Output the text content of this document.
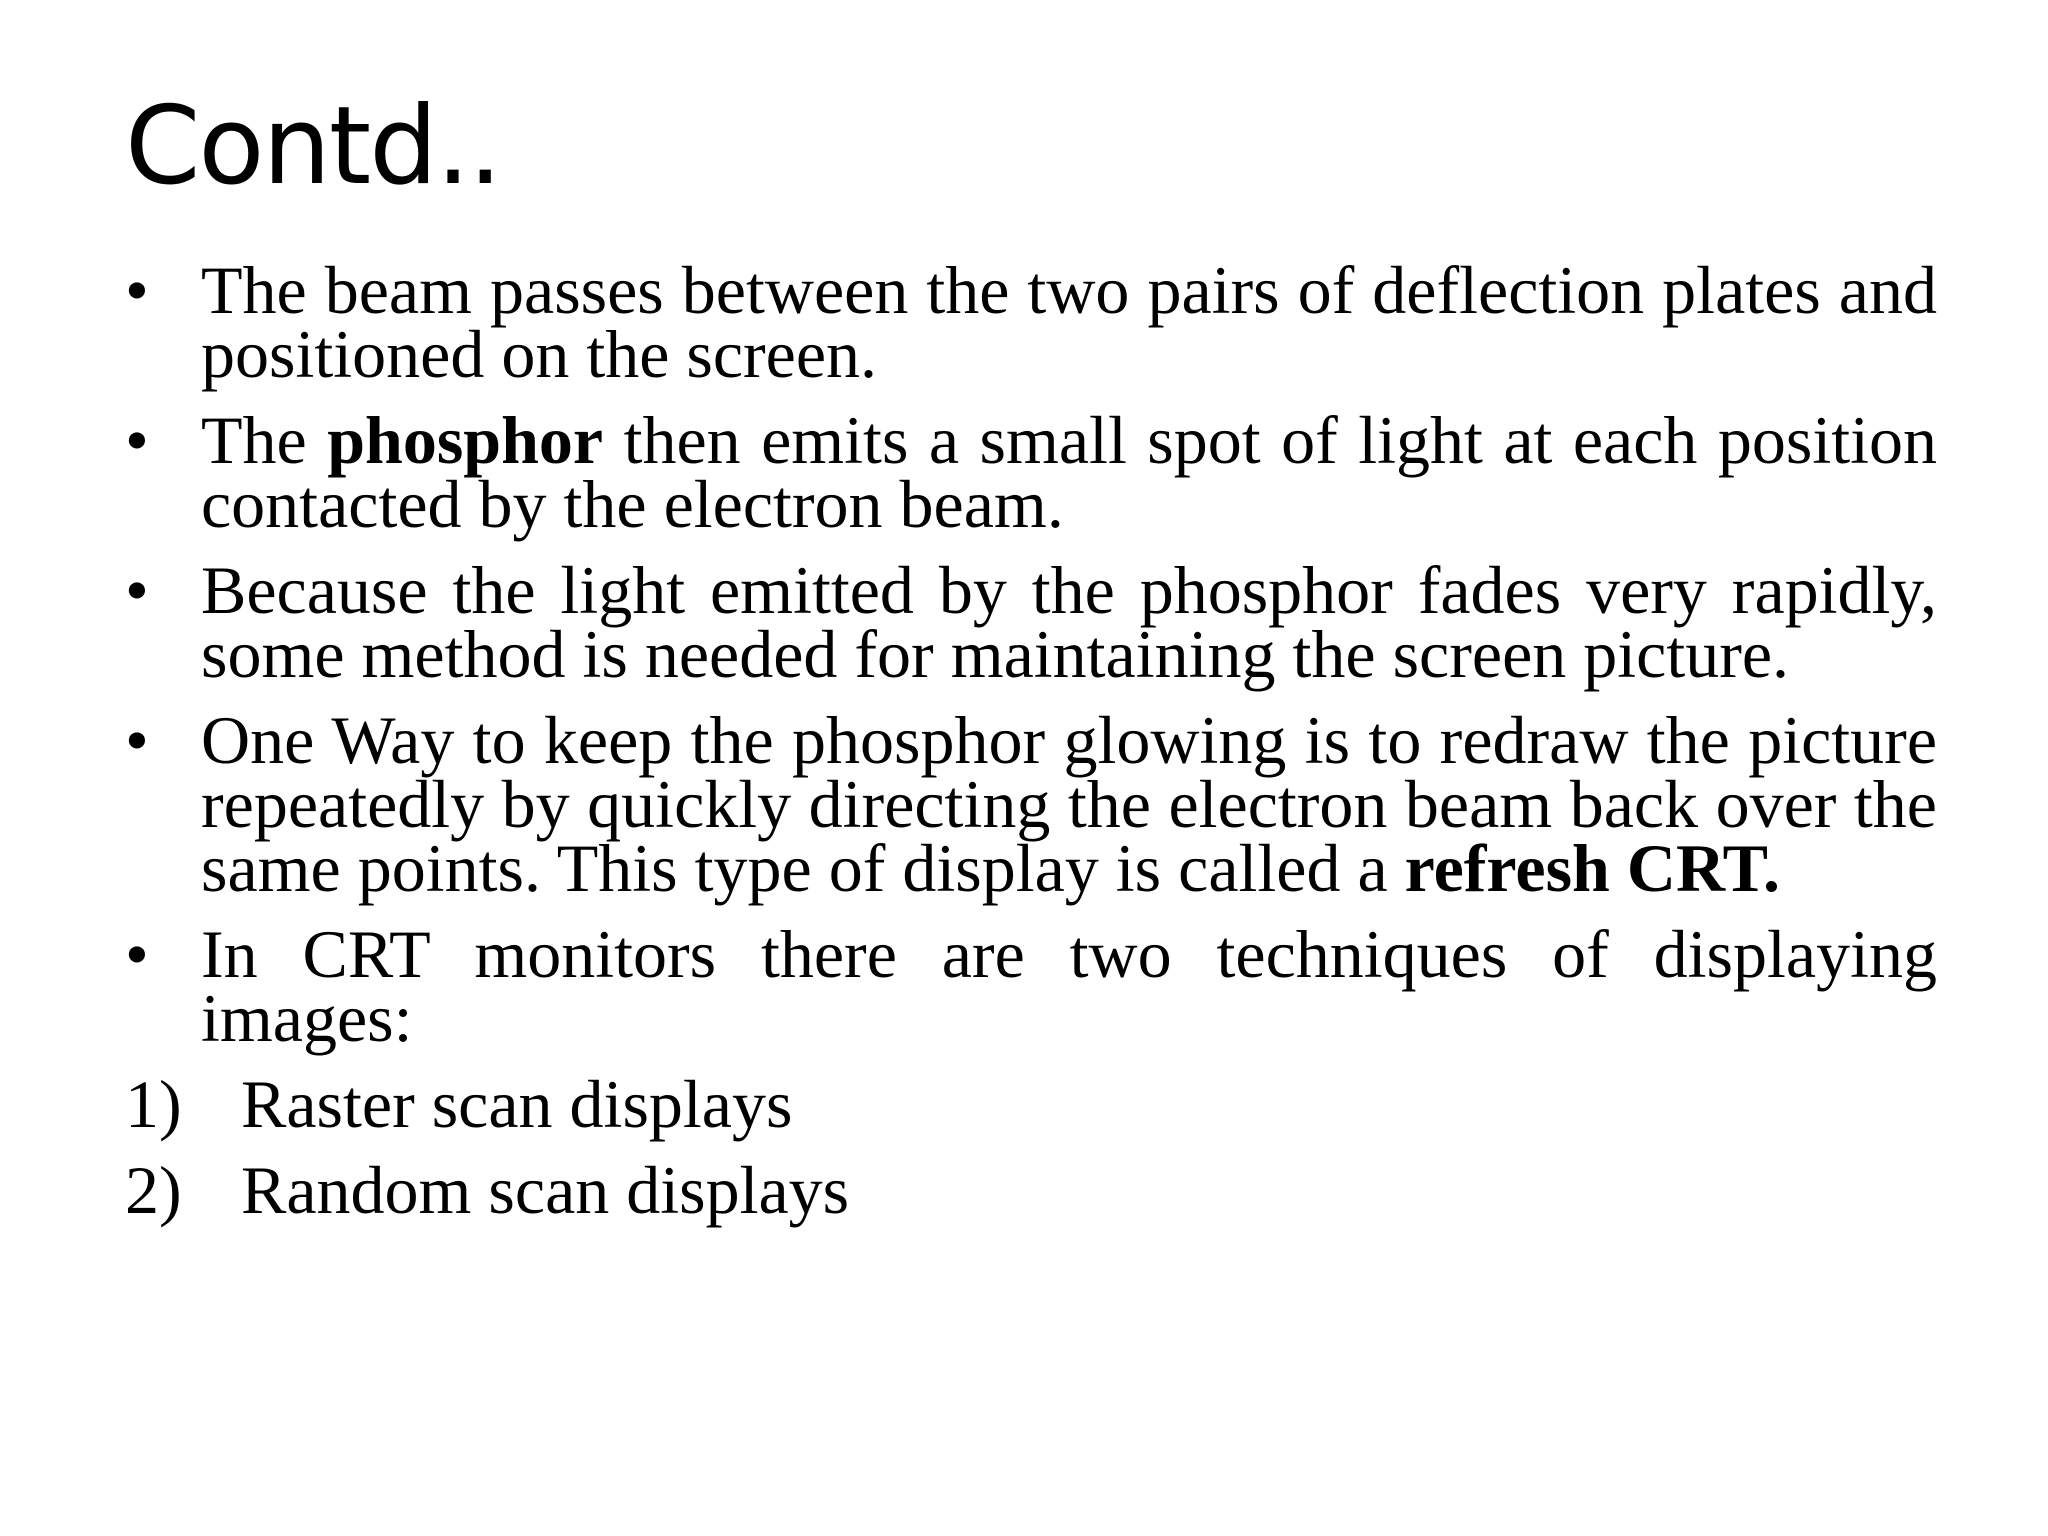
Contd..
• The beam passes between the two pairs of deflection plates and positioned on the screen.
• The phosphor then emits a small spot of light at each position contacted by the electron beam.
• Because the light emitted by the phosphor fades very rapidly, some method is needed for maintaining the screen picture.
• One Way to keep the phosphor glowing is to redraw the picture repeatedly by quickly directing the electron beam back over the same points. This type of display is called a refresh CRT.
• In CRT monitors there are two techniques of displaying images:
1) Raster scan displays
2) Random scan displays
